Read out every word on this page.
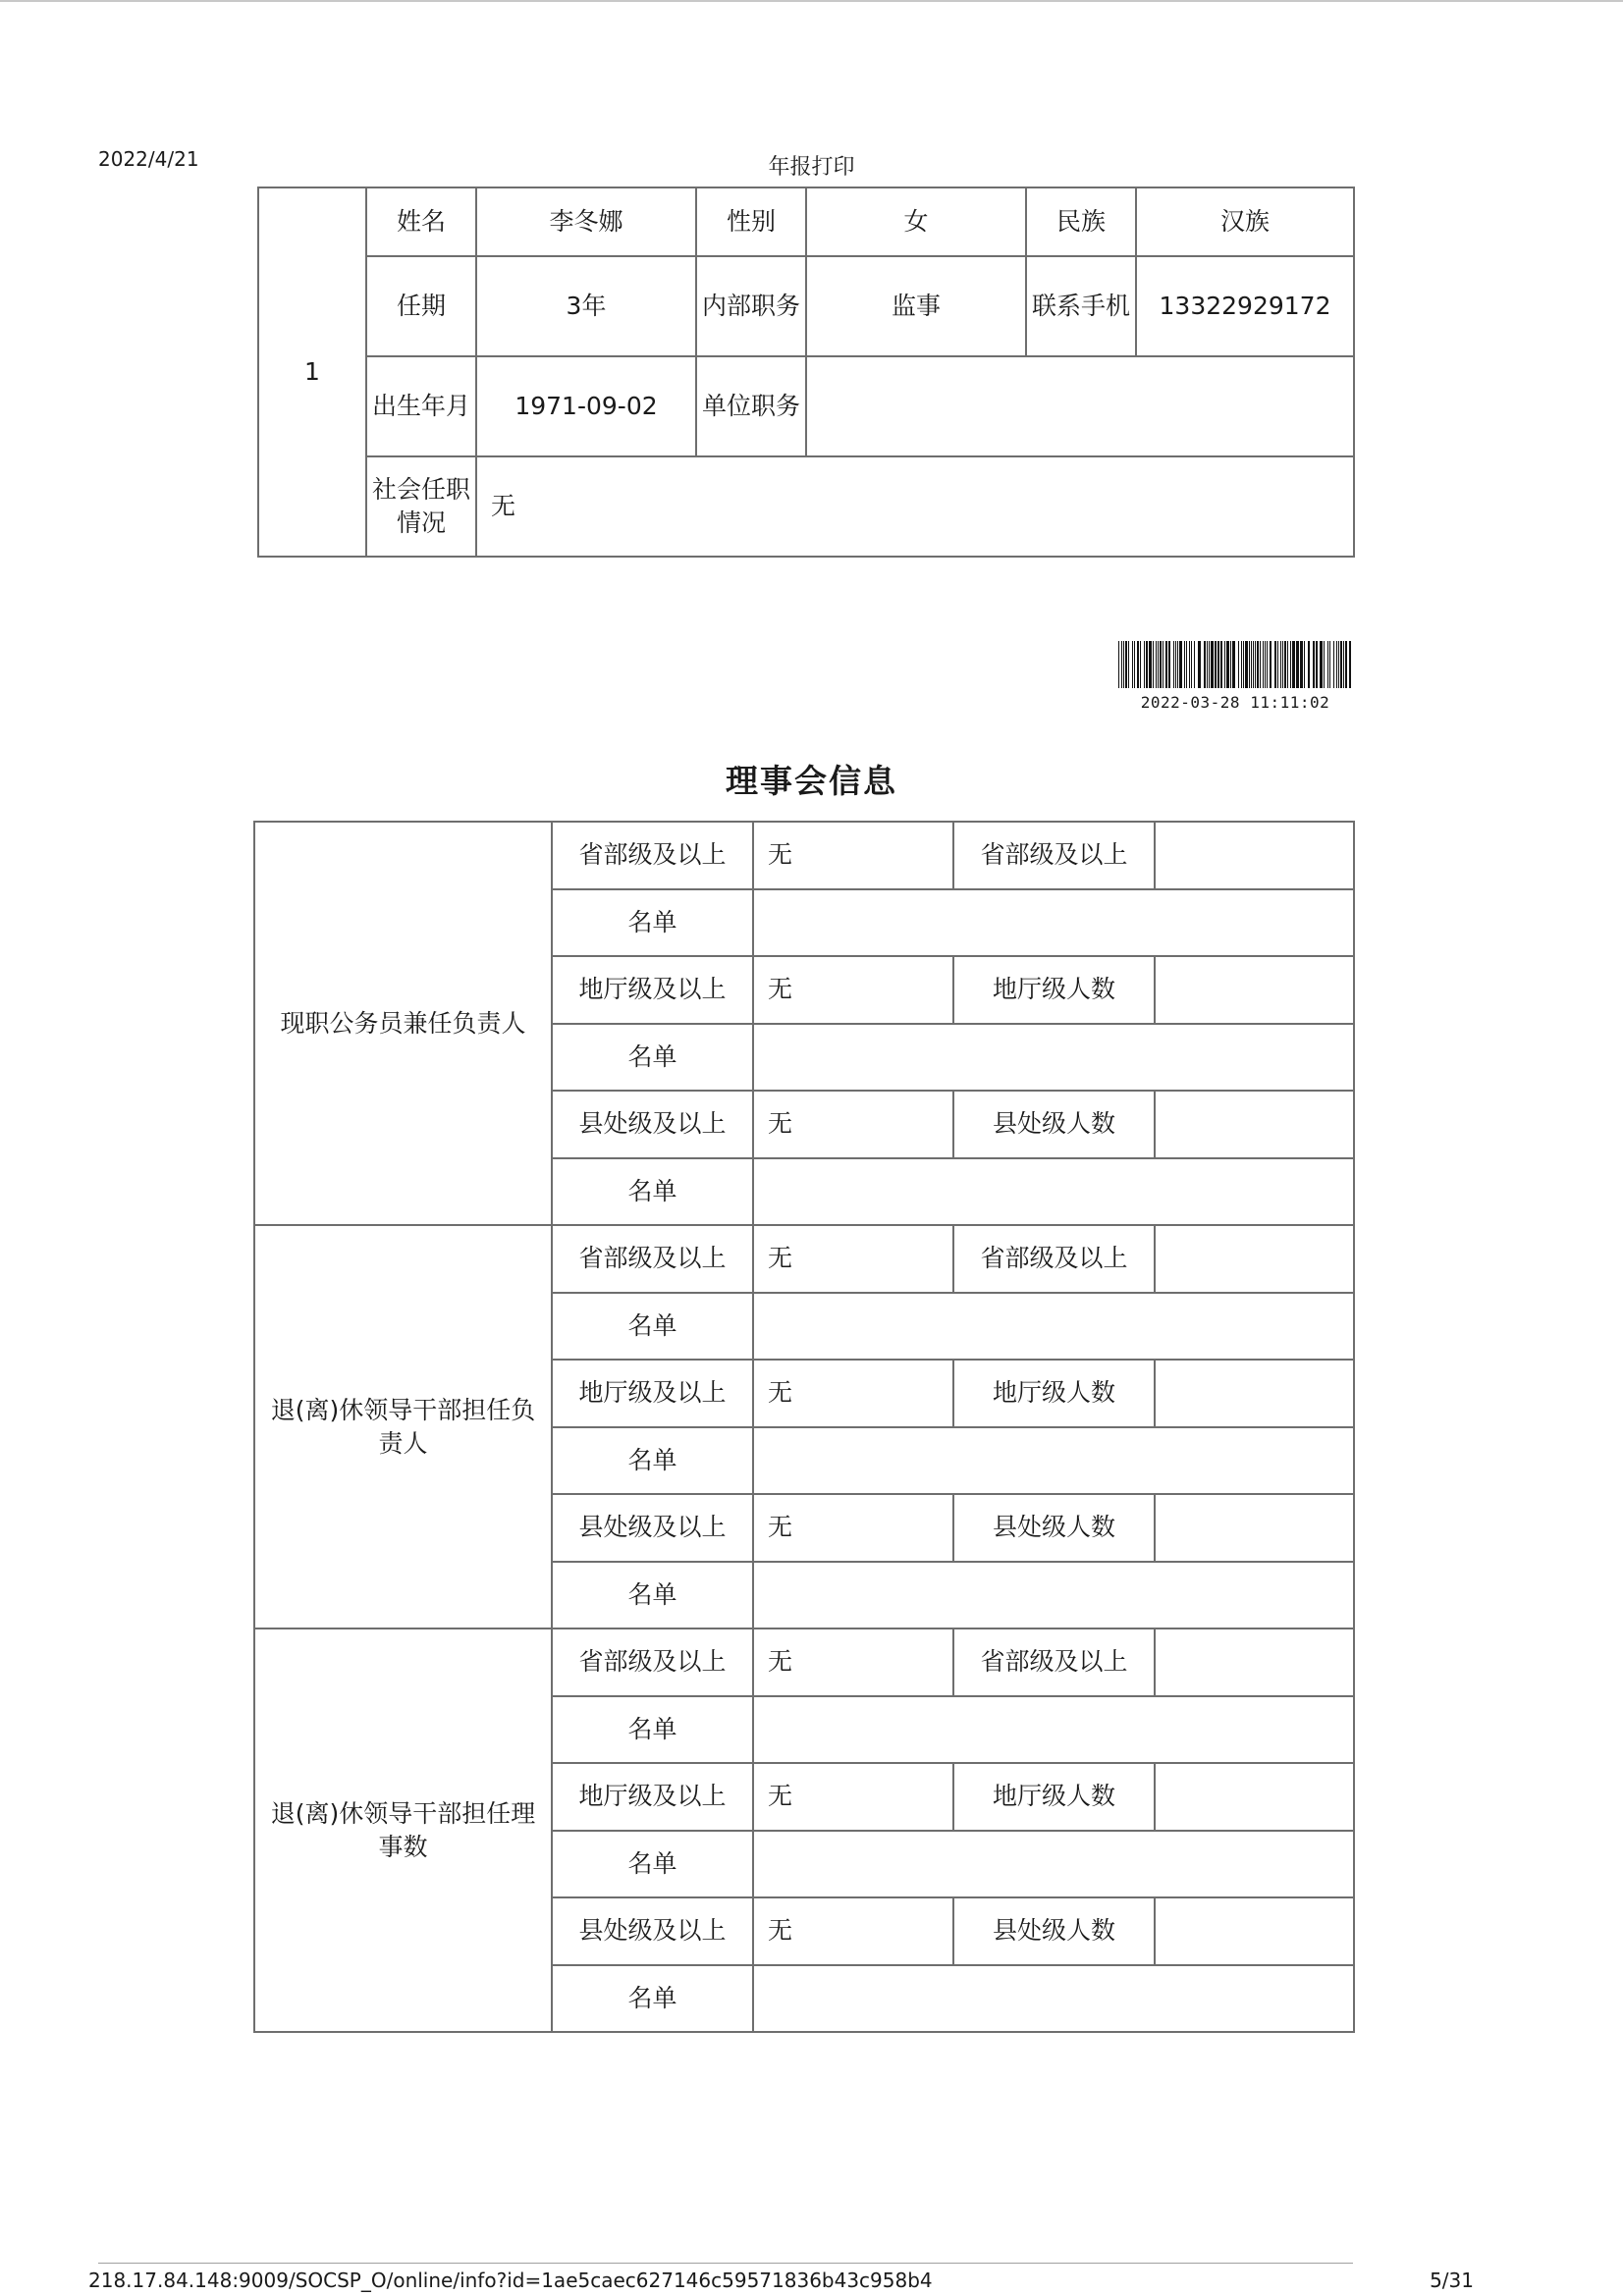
2022/4/21	年报打印
1	姓名	李冬娜	性别	女	民族	汉族
	任期	3年	内部职务	监事	联系手机	13322929172
	出生年月	1971-09-02	单位职务			
	社会任职情况	无				
2022-03-28 11:11:02
理事会信息
现职公务员兼任负责人	省部级及以上	无	省部级及以上	
	名单			
	地厅级及以上	无	地厅级人数	
	名单			
	县处级及以上	无	县处级人数	
	名单			
退(离)休领导干部担任负责人	省部级及以上	无	省部级及以上	
	名单			
	地厅级及以上	无	地厅级人数	
	名单			
	县处级及以上	无	县处级人数	
	名单			
退(离)休领导干部担任理事数	省部级及以上	无	省部级及以上	
	名单			
	地厅级及以上	无	地厅级人数	
	名单			
	县处级及以上	无	县处级人数	
	名单			
218.17.84.148:9009/SOCSP_O/online/info?id=1ae5caec627146c59571836b43c958b4	5/31
